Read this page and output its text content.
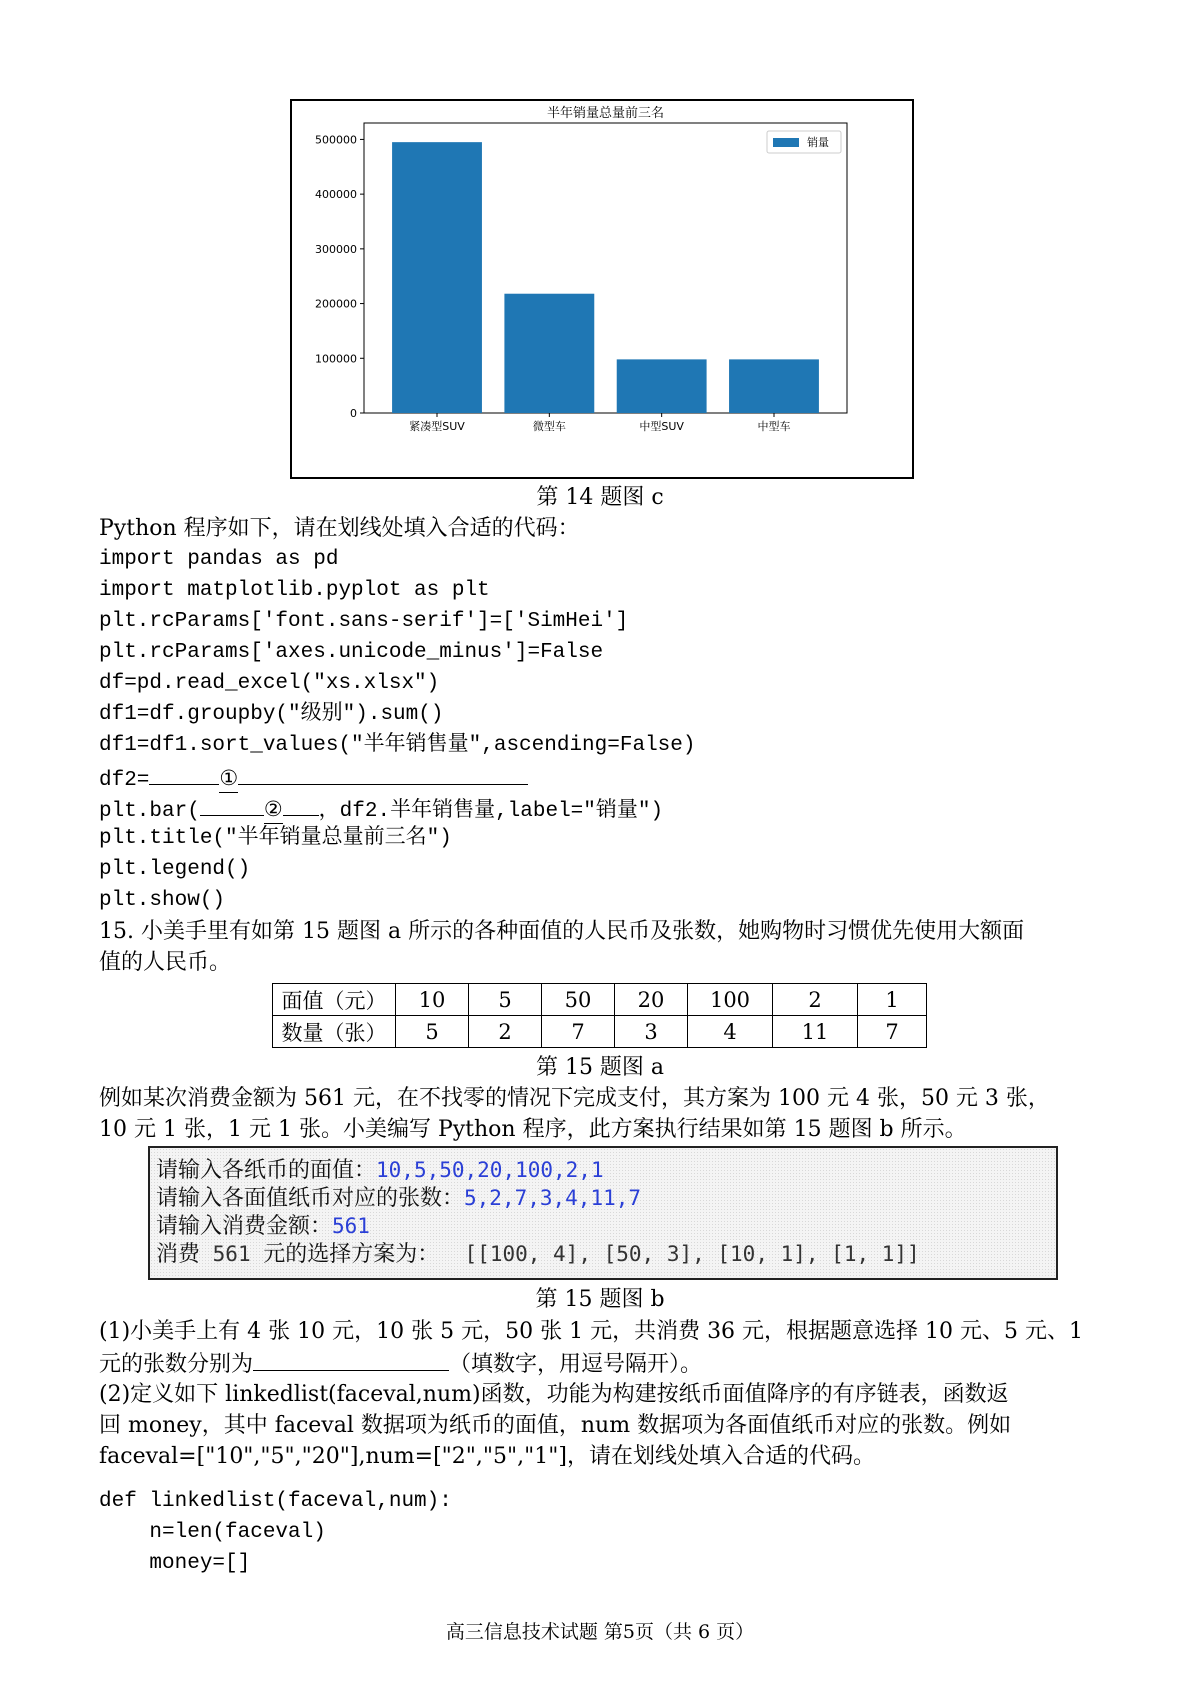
半年销量总量前三名
0
100000
200000
300000
400000
500000
紧凑型SUV	微型车	中型SUV	中型车
销量
第 14 题图 c
Python 程序如下，请在划线处填入合适的代码：
import pandas as pd
import matplotlib.pyplot as plt
plt.rcParams['font.sans-serif']=['SimHei']
plt.rcParams['axes.unicode_minus']=False
df=pd.read_excel("xs.xlsx")
df1=df.groupby("级别").sum()
df1=df1.sort_values("半年销售量",ascending=False)
df2=	①
plt.bar(	② ，df2.半年销售量,label="销量")
plt.title("半年销量总量前三名")
plt.legend()
plt.show()
15. 小美手里有如第 15 题图 a 所示的各种面值的人民币及张数，她购物时习惯优先使用大额面
值的人民币。
面值（元）	10	5	50	20	100	2	1
数量（张）	5	2	7	3	4	11	7
第 15 题图 a
例如某次消费金额为 561 元，在不找零的情况下完成支付，其方案为 100 元 4 张，50 元 3 张，
10 元 1 张，1 元 1 张。小美编写 Python 程序，此方案执行结果如第 15 题图 b 所示。
请输入各纸币的面值：10,5,50,20,100,2,1
请输入各面值纸币对应的张数：5,2,7,3,4,11,7
请输入消费金额：561
消费 561 元的选择方案为：  [[100, 4], [50, 3], [10, 1], [1, 1]]
第 15 题图 b
(1)小美手上有 4 张 10 元，10 张 5 元，50 张 1 元，共消费 36 元，根据题意选择 10 元、5 元、1
元的张数分别为	（填数字，用逗号隔开）。
(2)定义如下 linkedlist(faceval,num)函数，功能为构建按纸币面值降序的有序链表，函数返
回 money，其中 faceval 数据项为纸币的面值，num 数据项为各面值纸币对应的张数。例如
faceval=["10","5","20"],num=["2","5","1"]，请在划线处填入合适的代码。
def linkedlist(faceval,num):
n=len(faceval)
money=[]
高三信息技术试题 第5页（共 6 页）
